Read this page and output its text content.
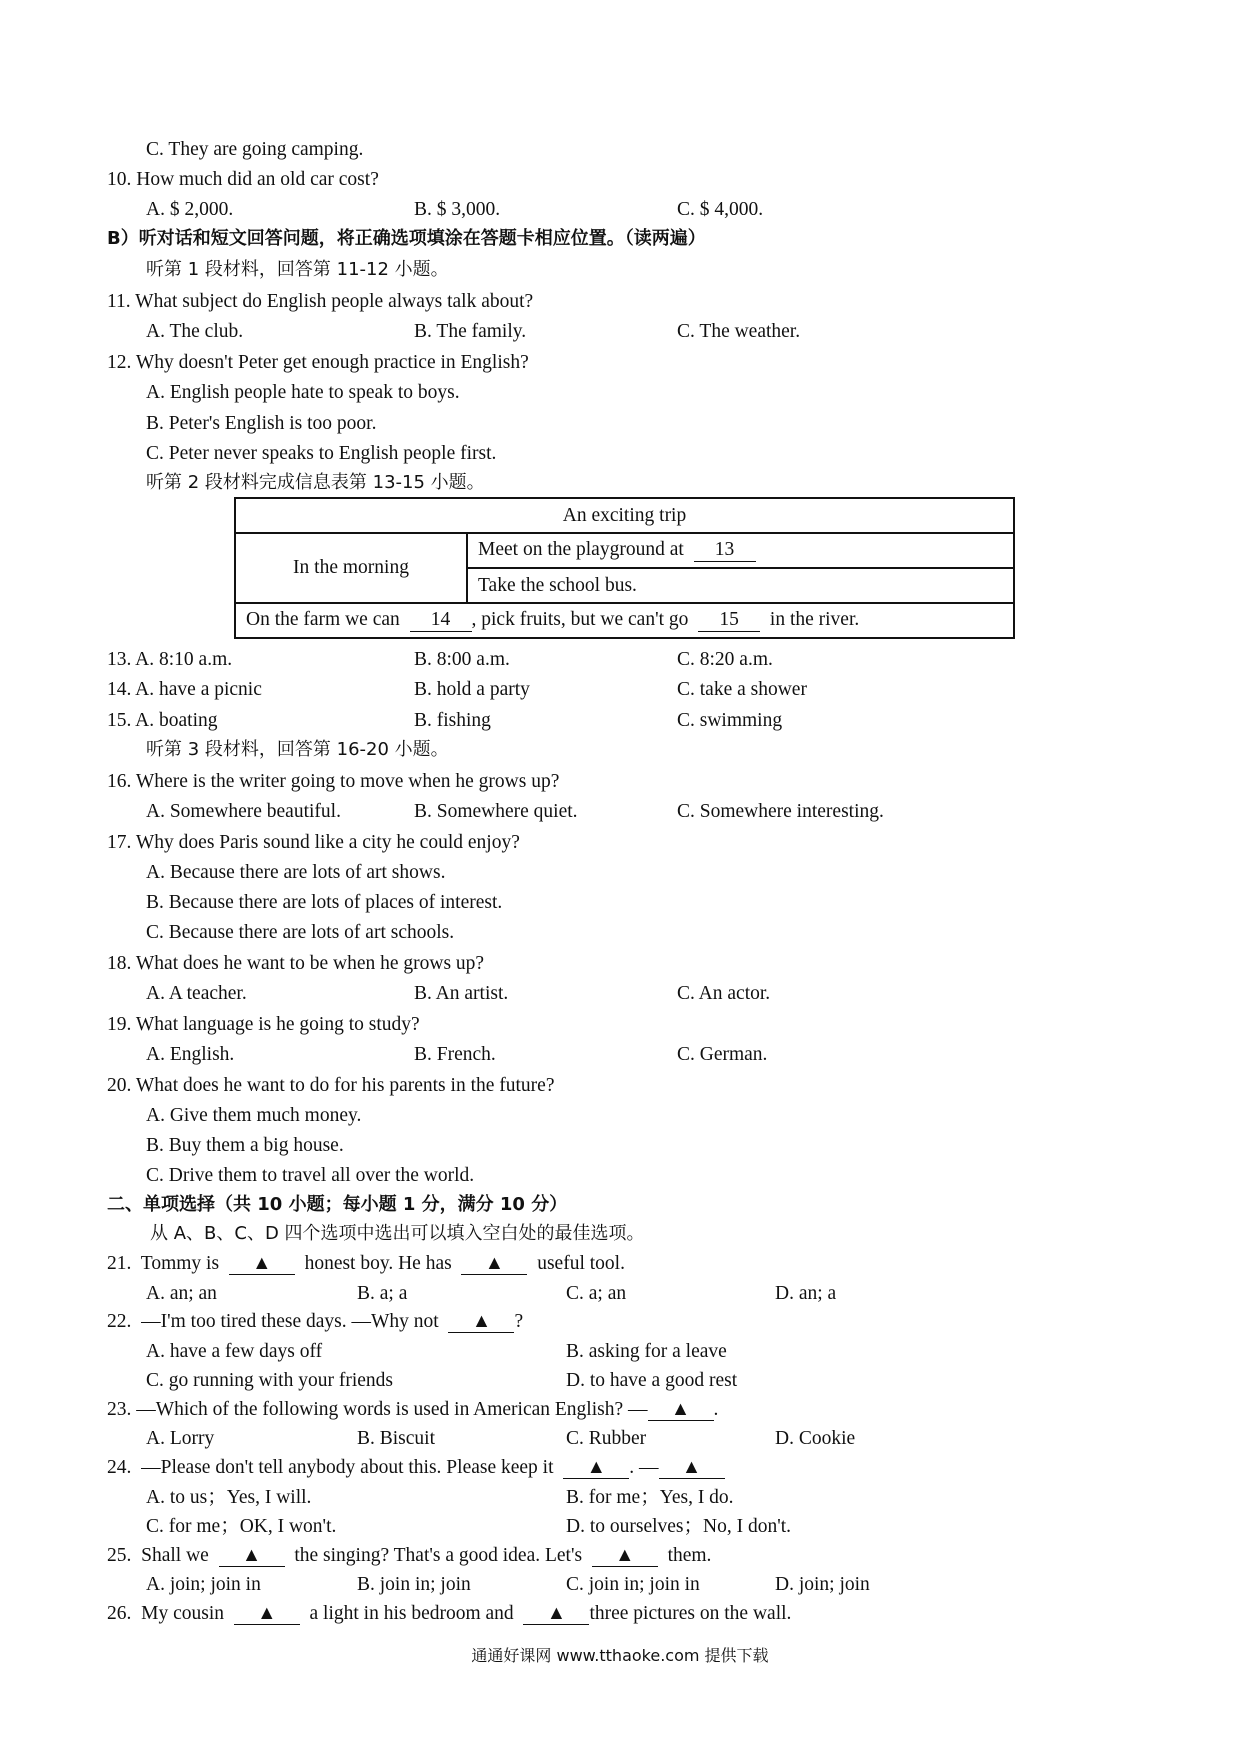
C. They are going camping.
10. How much did an old car cost?
A. $ 2,000.	B. $ 3,000.	C. $ 4,000.
B）听对话和短文回答问题，将正确选项填涂在答题卡相应位置。（读两遍）
听第 1 段材料，回答第 11-12 小题。
11. What subject do English people always talk about?
A. The club.	B. The family.	C. The weather.
12. Why doesn't Peter get enough practice in English?
A. English people hate to speak to boys.
B. Peter's English is too poor.
C. Peter never speaks to English people first.
听第 2 段材料完成信息表第 13-15 小题。
An exciting trip
In the morning	Meet on the playground at 13
Take the school bus.
On the farm we can 14 , pick fruits, but we can't go 15 in the river.
13. A. 8:10 a.m.	B. 8:00 a.m.	C. 8:20 a.m.
14. A. have a picnic	B. hold a party	C. take a shower
15. A. boating	B. fishing	C. swimming
听第 3 段材料，回答第 16-20 小题。
16. Where is the writer going to move when he grows up?
A. Somewhere beautiful.	B. Somewhere quiet.	C. Somewhere interesting.
17. Why does Paris sound like a city he could enjoy?
A. Because there are lots of art shows.
B. Because there are lots of places of interest.
C. Because there are lots of art schools.
18. What does he want to be when he grows up?
A. A teacher.	B. An artist.	C. An actor.
19. What language is he going to study?
A. English.	B. French.	C. German.
20. What does he want to do for his parents in the future?
A. Give them much money.
B. Buy them a big house.
C. Drive them to travel all over the world.
二、单项选择（共 10 小题；每小题 1 分，满分 10 分）
从 A、B、C、D 四个选项中选出可以填入空白处的最佳选项。
21. Tommy is ▲ honest boy. He has ▲ useful tool.
A. an; an	B. a; a	C. a; an	D. an; a
22. —I'm too tired these days. —Why not ▲ ?
A. have a few days off	B. asking for a leave
C. go running with your friends	D. to have a good rest
23. —Which of the following words is used in American English? — ▲ .
A. Lorry	B. Biscuit	C. Rubber	D. Cookie
24. —Please don't tell anybody about this. Please keep it ▲ . — ▲
A. to us；Yes, I will.	B. for me；Yes, I do.
C. for me；OK, I won't.	D. to ourselves；No, I don't.
25. Shall we ▲ the singing? That's a good idea. Let's ▲ them.
A. join; join in	B. join in; join	C. join in; join in	D. join; join
26. My cousin ▲ a light in his bedroom and ▲ three pictures on the wall.
通通好课网 www.tthaoke.com 提供下载
